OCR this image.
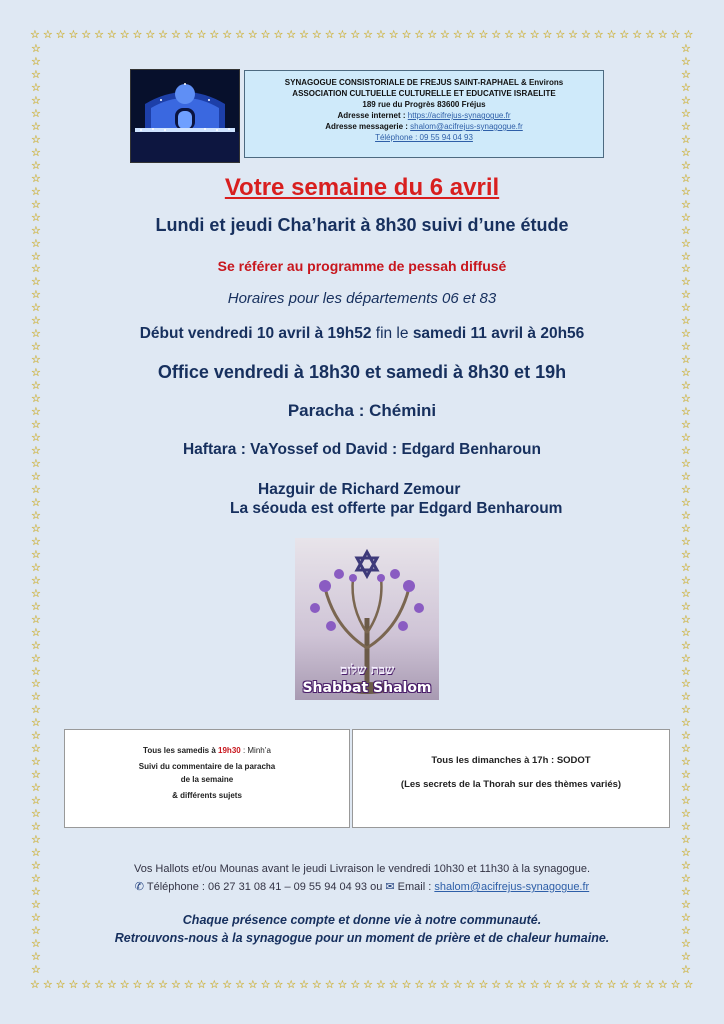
☆ ☆ ☆ ☆ ☆ ☆ ☆ ☆ ☆ ☆ ☆ ☆ ☆ ☆ ☆ ☆ ☆ ☆ ☆ ☆ ☆ ☆ ☆ ☆ ☆ ☆ ☆ ☆ ☆ ☆ ☆ ☆ ☆ ☆ ☆ ☆ ☆ ☆ ☆ ☆ ☆ ☆ ☆ ☆ ☆ ☆ ☆ ☆ ☆ ☆ ☆ ☆
☆ ☆ ☆ ☆ ☆ ☆ ☆ ☆ ☆ ☆ ☆ ☆ ☆ ☆ ☆ ☆ ☆ ☆ ☆ ☆ ☆ ☆ ☆ ☆ ☆ ☆ ☆ ☆ ☆ ☆ ☆ ☆ ☆ ☆ ☆ ☆ ☆ ☆ ☆ ☆ ☆ ☆ ☆ ☆ ☆ ☆ ☆ ☆ ☆ ☆ ☆ ☆
☆
☆
☆
☆
☆
☆
☆
☆
☆
☆
☆
☆
☆
☆
☆
☆
☆
☆
☆
☆
☆
☆
☆
☆
☆
☆
☆
☆
☆
☆
☆
☆
☆
☆
☆
☆
☆
☆
☆
☆
☆
☆
☆
☆
☆
☆
☆
☆
☆
☆
☆
☆
☆
☆
☆
☆
☆
☆
☆
☆
☆
☆
☆
☆
☆
☆
☆
☆
☆
☆
☆
☆
☆
☆
☆
☆
☆
☆
☆
☆
☆
☆
☆
☆
☆
☆
☆
☆
☆
☆
☆
☆
☆
☆
☆
☆
☆
☆
☆
☆
☆
☆
☆
☆
☆
☆
☆
☆
☆
☆
☆
☆
☆
☆
☆
☆
☆
☆
☆
☆
☆
☆
☆
☆
☆
☆
☆
☆
☆
☆
☆
☆
☆
☆
☆
☆
☆
☆
☆
☆
☆
☆
☆
☆
SYNAGOGUE CONSISTORIALE DE FREJUS SAINT-RAPHAEL & Environs
ASSOCIATION CULTUELLE CULTURELLE ET EDUCATIVE ISRAELITE
189 rue du Progrès 83600 Fréjus
Adresse internet : https://acifrejus-synagogue.fr
Adresse messagerie : shalom@acifrejus-synagogue.fr
Téléphone : 09 55 94 04 93
Votre semaine du 6 avril
Lundi et jeudi Cha’harit à 8h30 suivi d’une étude
Se référer au programme de pessah diffusé
Horaires pour les départements 06 et 83
Début vendredi 10 avril à 19h52 fin le samedi 11 avril à 20h56
Office vendredi à 18h30 et samedi à 8h30 et 19h
Paracha : Chémini
Haftara : VaYossef od David : Edgard Benharoun
Hazguir de Richard Zemour
La séouda est offerte par Edgard Benharoum
שבת שלום
Shabbat Shalom
Tous les samedis à 19h30 : Minh’a
Suivi du commentaire de la paracha
de la semaine
& différents sujets
Tous les dimanches à 17h : SODOT
(Les secrets de la Thorah sur des thèmes variés)
Vos Hallots et/ou Mounas avant le jeudi Livraison le vendredi 10h30 et 11h30 à la synagogue.
✆ Téléphone : 06 27 31 08 41 – 09 55 94 04 93 ou ✉ Email : shalom@acifrejus-synagogue.fr
Chaque présence compte et donne vie à notre communauté.
Retrouvons-nous à la synagogue pour un moment de prière et de chaleur humaine.
